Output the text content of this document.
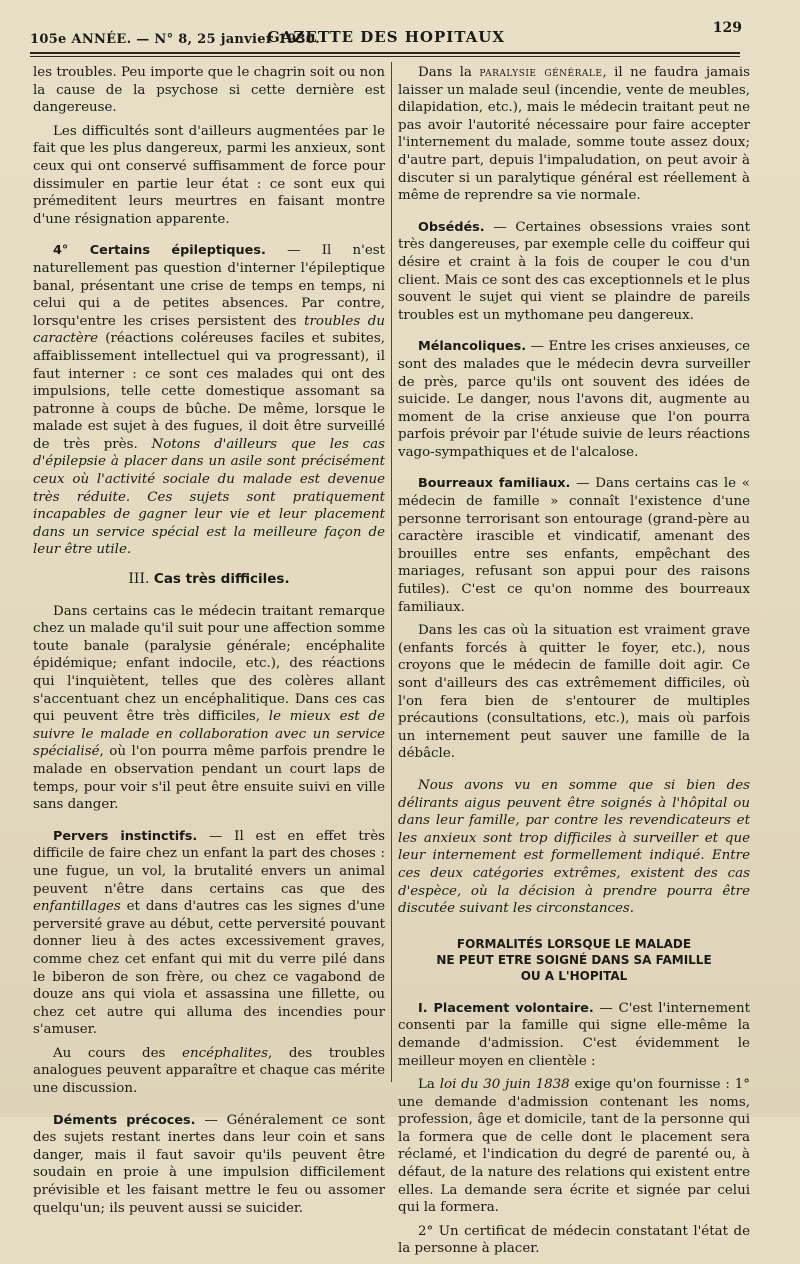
105e ANNÉE. — N° 8, 25 janvier 1930.
GAZETTE DES HOPITAUX	129

les troubles. Peu importe que le chagrin soit ou non la cause de la psychose si cette dernière est dangereuse.

Les difficultés sont d'ailleurs augmentées par le fait que les plus dangereux, parmi les anxieux, sont ceux qui ont conservé suffisamment de force pour dissimuler en partie leur état : ce sont eux qui prémeditent leurs meurtres en faisant montre d'une résignation apparente.

4° Certains épileptiques. — Il n'est naturellement pas question d'interner l'épileptique banal, présentant une crise de temps en temps, ni celui qui a de petites absences. Par contre, lorsqu'entre les crises persistent des troubles du caractère (réactions coléreuses faciles et subites, affaiblissement intellectuel qui va progressant), il faut interner : ce sont ces malades qui ont des impulsions, telle cette domestique assomant sa patronne à coups de bûche. De même, lorsque le malade est sujet à des fugues, il doit être surveillé de très près. Notons d'ailleurs que les cas d'épilepsie à placer dans un asile sont précisément ceux où l'activité sociale du malade est devenue très réduite. Ces sujets sont pratiquement incapables de gagner leur vie et leur placement dans un service spécial est la meilleure façon de leur être utile.

III. Cas très difficiles.

Dans certains cas le médecin traitant remarque chez un malade qu'il suit pour une affection somme toute banale (paralysie générale; encéphalite épidémique; enfant indocile, etc.), des réactions qui l'inquiètent, telles que des colères allant s'accentuant chez un encéphalitique. Dans ces cas qui peuvent être très difficiles, le mieux est de suivre le malade en collaboration avec un service spécialisé, où l'on pourra même parfois prendre le malade en observation pendant un court laps de temps, pour voir s'il peut être ensuite suivi en ville sans danger.

Pervers instinctifs. — Il est en effet très difficile de faire chez un enfant la part des choses : une fugue, un vol, la brutalité envers un animal peuvent n'être dans certains cas que des enfantillages et dans d'autres cas les signes d'une perversité grave au début, cette perversité pouvant donner lieu à des actes excessivement graves, comme chez cet enfant qui mit du verre pilé dans le biberon de son frère, ou chez ce vagabond de douze ans qui viola et assassina une fillette, ou chez cet autre qui alluma des incendies pour s'amuser.

Au cours des encéphalites, des troubles analogues peuvent apparaître et chaque cas mérite une discussion.

Déments précoces. — Généralement ce sont des sujets restant inertes dans leur coin et sans danger, mais il faut savoir qu'ils peuvent être soudain en proie à une impulsion difficilement prévisible et les faisant mettre le feu ou assomer quelqu'un; ils peuvent aussi se suicider.

Dans la paralysie générale, il ne faudra jamais laisser un malade seul (incendie, vente de meubles, dilapidation, etc.), mais le médecin traitant peut ne pas avoir l'autorité nécessaire pour faire accepter l'internement du malade, somme toute assez doux; d'autre part, depuis l'impaludation, on peut avoir à discuter si un paralytique général est réellement à même de reprendre sa vie normale.

Obsédés. — Certaines obsessions vraies sont très dangereuses, par exemple celle du coiffeur qui désire et craint à la fois de couper le cou d'un client. Mais ce sont des cas exceptionnels et le plus souvent le sujet qui vient se plaindre de pareils troubles est un mythomane peu dangereux.

Mélancoliques. — Entre les crises anxieuses, ce sont des malades que le médecin devra surveiller de près, parce qu'ils ont souvent des idées de suicide. Le danger, nous l'avons dit, augmente au moment de la crise anxieuse que l'on pourra parfois prévoir par l'étude suivie de leurs réactions vago-sympathiques et de l'alcalose.

Bourreaux familiaux. — Dans certains cas le « médecin de famille » connaît l'existence d'une personne terrorisant son entourage (grand-père au caractère irascible et vindicatif, amenant des brouilles entre ses enfants, empêchant des mariages, refusant son appui pour des raisons futiles). C'est ce qu'on nomme des bourreaux familiaux.

Dans les cas où la situation est vraiment grave (enfants forcés à quitter le foyer, etc.), nous croyons que le médecin de famille doit agir. Ce sont d'ailleurs des cas extrêmement difficiles, où l'on fera bien de s'entourer de multiples précautions (consultations, etc.), mais où parfois un internement peut sauver une famille de la débâcle.

Nous avons vu en somme que si bien des délirants aigus peuvent être soignés à l'hôpital ou dans leur famille, par contre les revendicateurs et les anxieux sont trop difficiles à surveiller et que leur internement est formellement indiqué. Entre ces deux catégories extrêmes, existent des cas d'espèce, où la décision à prendre pourra être discutée suivant les circonstances.

FORMALITÉS LORSQUE LE MALADE
NE PEUT ETRE SOIGNÉ DANS SA FAMILLE
OU A L'HOPITAL

I. Placement volontaire. — C'est l'internement consenti par la famille qui signe elle-même la demande d'admission. C'est évidemment le meilleur moyen en clientèle :

La loi du 30 juin 1838 exige qu'on fournisse : 1° une demande d'admission contenant les noms, profession, âge et domicile, tant de la personne qui la formera que de celle dont le placement sera réclamé, et l'indication du degré de parenté ou, à défaut, de la nature des relations qui existent entre elles. La demande sera écrite et signée par celui qui la formera.

2° Un certificat de médecin constatant l'état de la personne à placer.
